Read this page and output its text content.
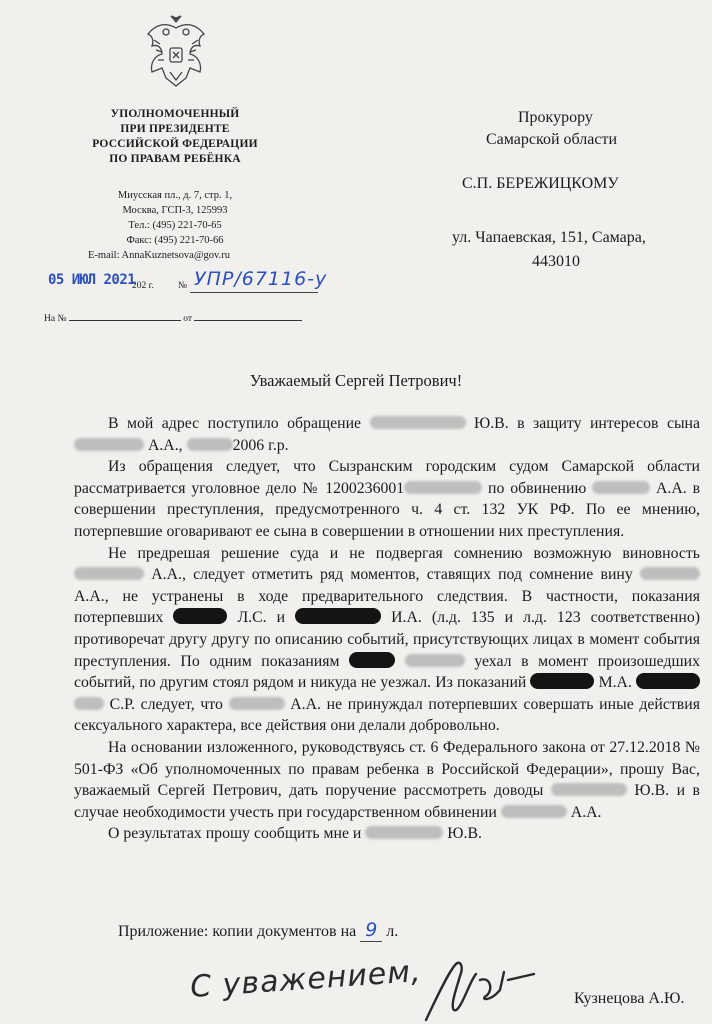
УПОЛНОМОЧЕННЫЙ
ПРИ ПРЕЗИДЕНТЕ
РОССИЙСКОЙ ФЕДЕРАЦИИ
ПО ПРАВАМ РЕБЁНКА
Миусская пл., д. 7, стр. 1,
Москва, ГСП-3, 125993
Тел.: (495) 221-70-65
Факс: (495) 221-70-66
E-mail: AnnaKuznetsova@gov.ru
05 ИЮЛ 2021
202 г.	№ УПР/67116-у
На №	от
Прокурору
Самарской области
С.П. БЕРЕЖИЦКОМУ
ул. Чапаевская, 151, Самара,
443010
Уважаемый Сергей Петрович!

В мой адрес поступило обращение	Ю.В. в защиту интересов сына  А.А.,	2006 г.р.

Из обращения следует, что Сызранским городским судом Самарской области рассматривается уголовное дело № 1200236001	по обвинению	А.А. в совершении преступления, предусмотренного ч. 4 ст. 132 УК РФ. По ее мнению, потерпевшие оговаривают ее сына в совершении в отношении них преступления.

Не предрешая решение суда и не подвергая сомнению возможную виновность  А.А., следует отметить ряд моментов, ставящих под сомнение вину  А.А., не устранены в ходе предварительного следствия. В частности, показания потерпевших	Л.С. и	И.А. (л.д. 135 и л.д. 123 соответственно) противоречат другу другу по описанию событий, присутствующих лицах в момент события преступления. По одним показаниям	уехал в момент произошедших событий, по другим стоял рядом и никуда не уезжал. Из показаний	М.А.   С.Р. следует, что	А.А. не принуждал потерпевших совершать иные действия сексуального характера, все действия они делали добровольно.

На основании изложенного, руководствуясь ст. 6 Федерального закона от 27.12.2018 № 501-ФЗ «Об уполномоченных по правам ребенка в Российской Федерации», прошу Вас, уважаемый Сергей Петрович, дать поручение рассмотреть доводы	Ю.В. и в случае необходимости учесть при государственном обвинении	А.А.

О результатах прошу сообщить мне и	Ю.В.

Приложение: копии документов на 9 л.
С уважением,	Кузнецова А.Ю.
